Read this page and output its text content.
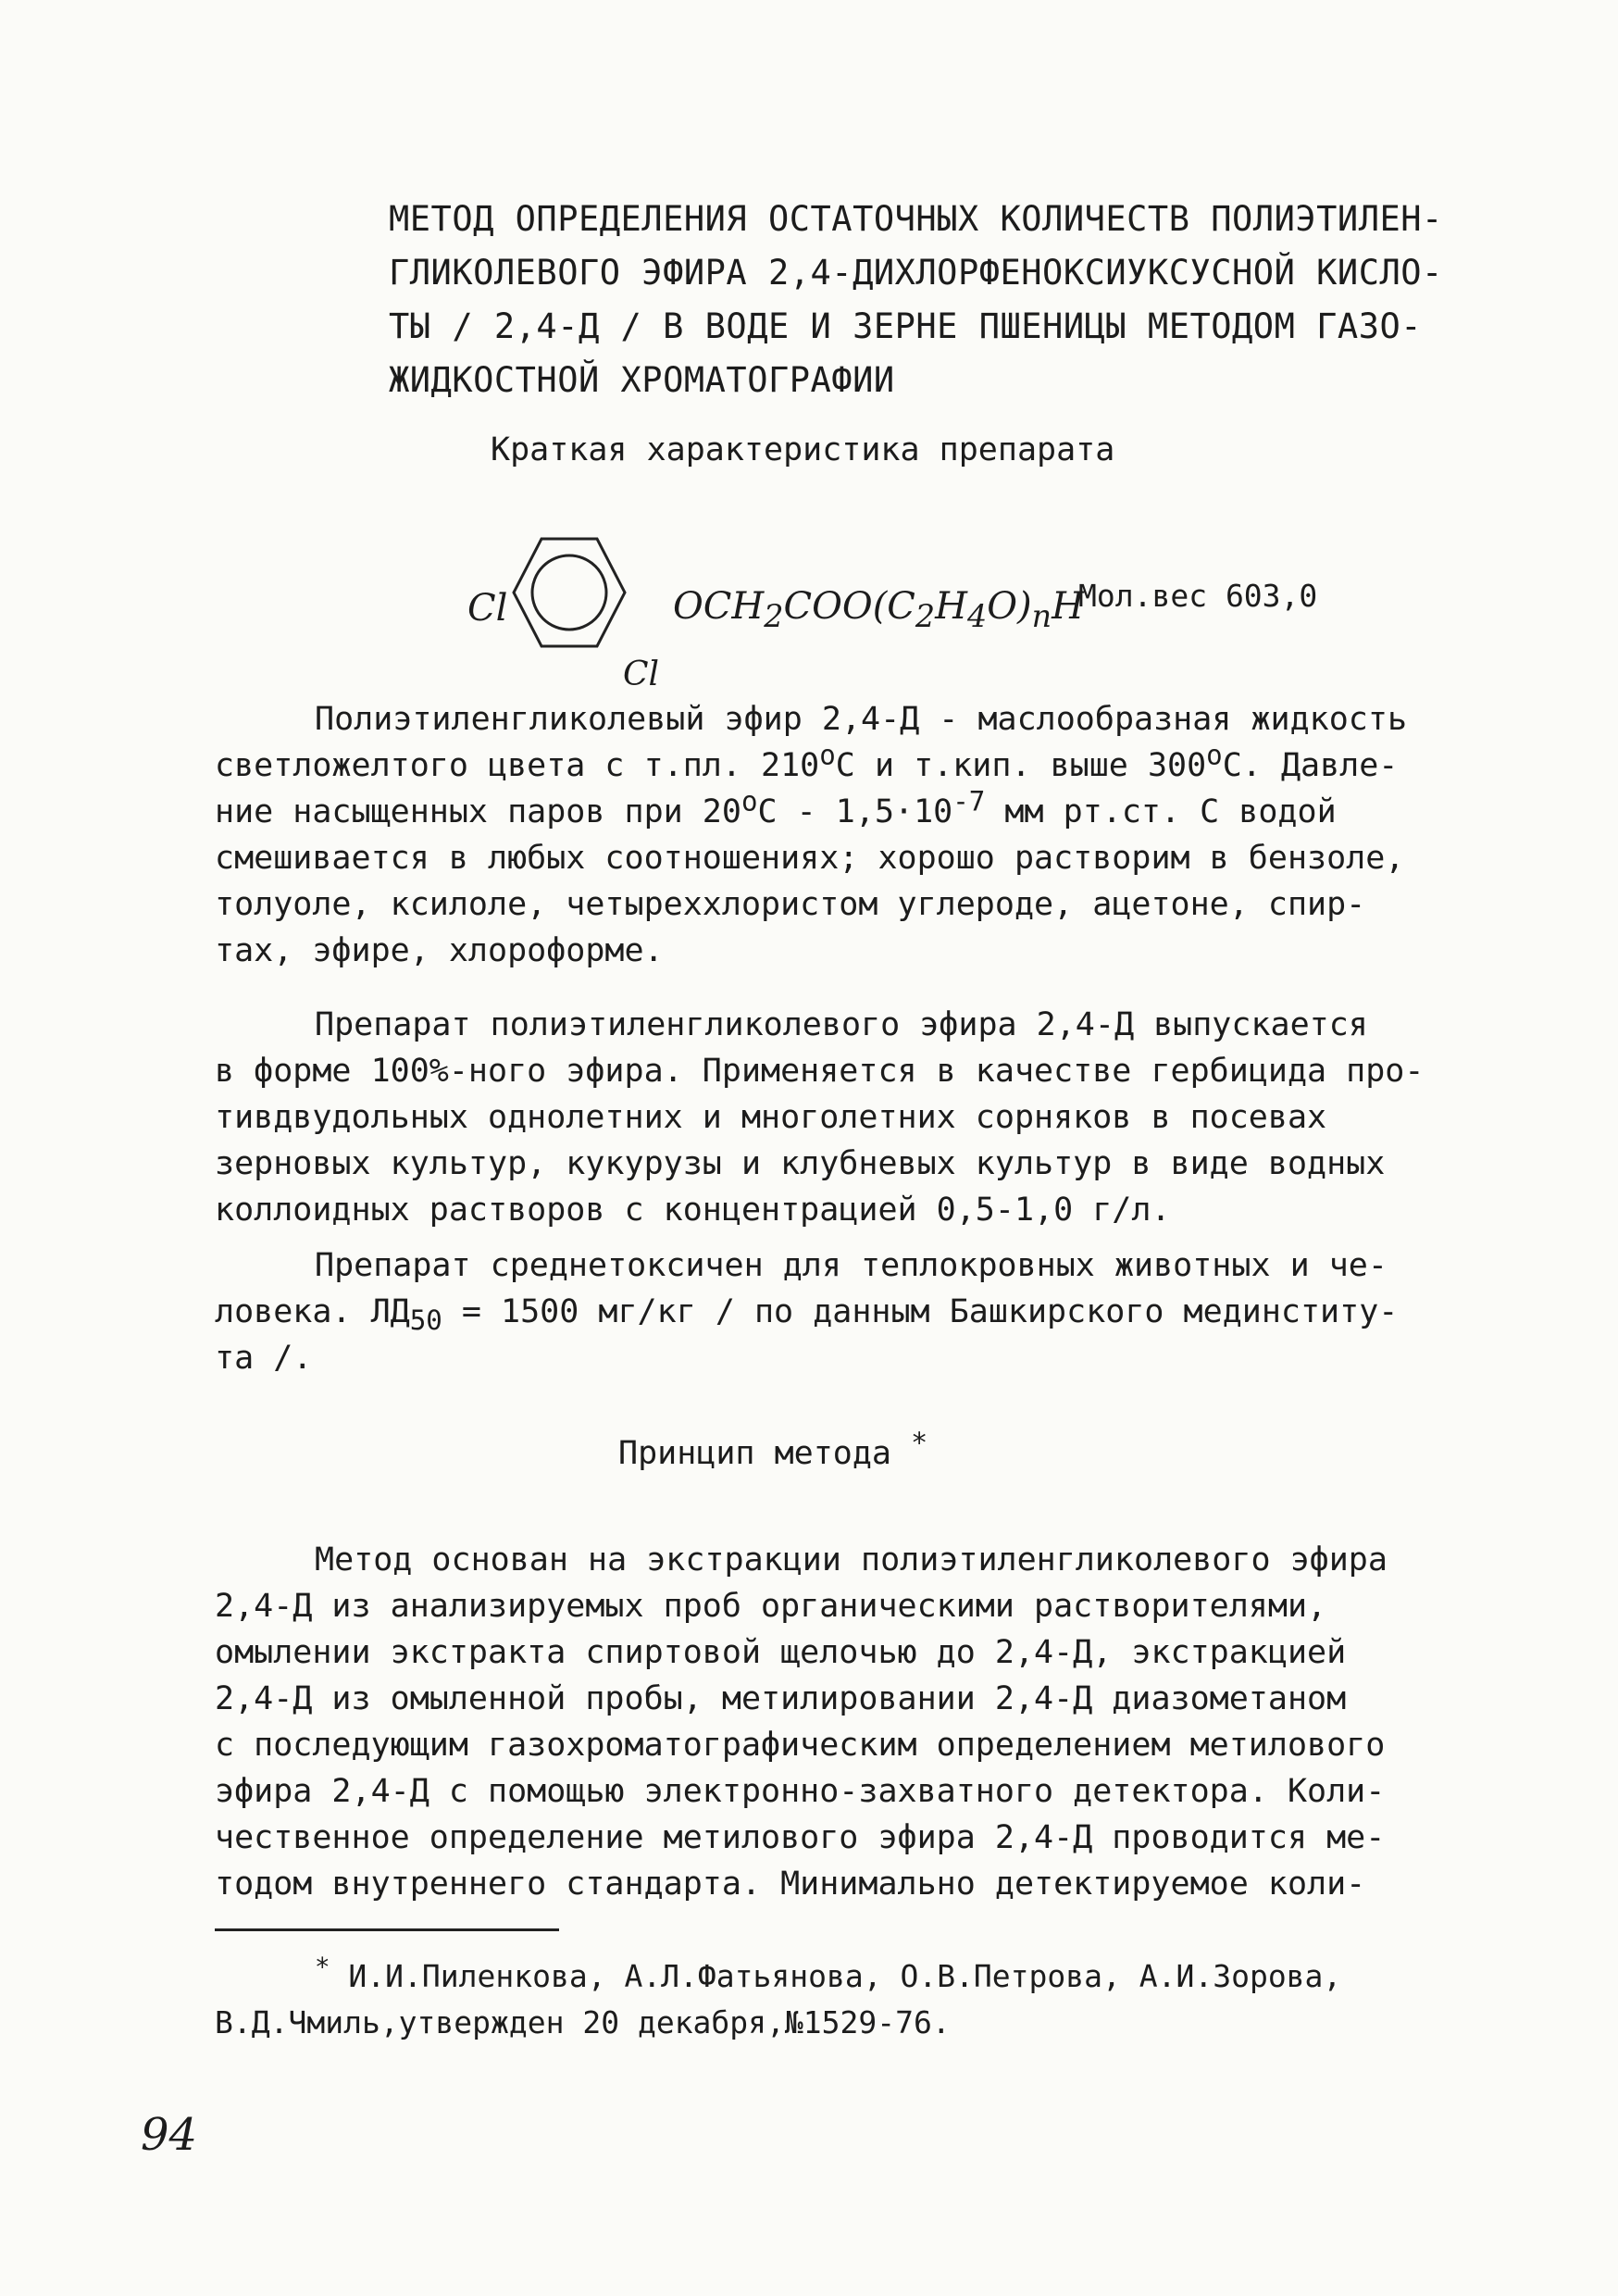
МЕТОД ОПРЕДЕЛЕНИЯ ОСТАТОЧНЫХ КОЛИЧЕСТВ ПОЛИЭТИЛЕН-
ГЛИКОЛЕВОГО ЭФИРА 2,4-ДИХЛОРФЕНОКСИУКСУСНОЙ КИСЛО-
ТЫ / 2,4-Д / В ВОДЕ И ЗЕРНЕ ПШЕНИЦЫ МЕТОДОМ ГАЗО-
ЖИДКОСТНОЙ ХРОМАТОГРАФИИ
Краткая характеристика препарата
Cl
Cl
$OCH_2COO(C_2H_4O)_nH$
Мол.вес 603,0
Полиэтиленгликолевый эфир 2,4-Д - маслообразная жидкость
светложелтого цвета с т.пл. $210^оС$ и т.кип. выше $300^оС$. Давле-
ние насыщенных паров при $20^оС - 1,5\cdot 10^{-7}$ мм рт.ст. С водой
смешивается в любых соотношениях; хорошо растворим в бензоле,
толуоле, ксилоле, четыреххлористом углероде, ацетоне, спир-
тах, эфире, хлороформе.
Препарат полиэтиленгликолевого эфира 2,4-Д выпускается
в форме 100%-ного эфира. Применяется в качестве гербицида про-
тивдвудольных однолетних и многолетних сорняков в посевах
зерновых культур, кукурузы и клубневых культур в виде водных
коллоидных растворов с концентрацией 0,5-1,0 г/л.
Препарат среднетоксичен для теплокровных животных и че-
ловека. $ЛД_{50} = 1500$ мг/кг / по данным Башкирского мединститу-
та /.
Принцип метода *
Метод основан на экстракции полиэтиленгликолевого эфира
2,4-Д из анализируемых проб органическими растворителями,
омылении экстракта спиртовой щелочью до 2,4-Д, экстракцией
2,4-Д из омыленной пробы, метилировании 2,4-Д диазометаном
с последующим газохроматографическим определением метилового
эфира 2,4-Д с помощью электронно-захватного детектора. Коли-
чественное определение метилового эфира 2,4-Д проводится ме-
тодом внутреннего стандарта. Минимально детектируемое коли-
* И.И.Пиленкова, А.Л.Фатьянова, О.В.Петрова, А.И.Зорова,
В.Д.Чмиль,утвержден 20 декабря,№1529-76.
94
